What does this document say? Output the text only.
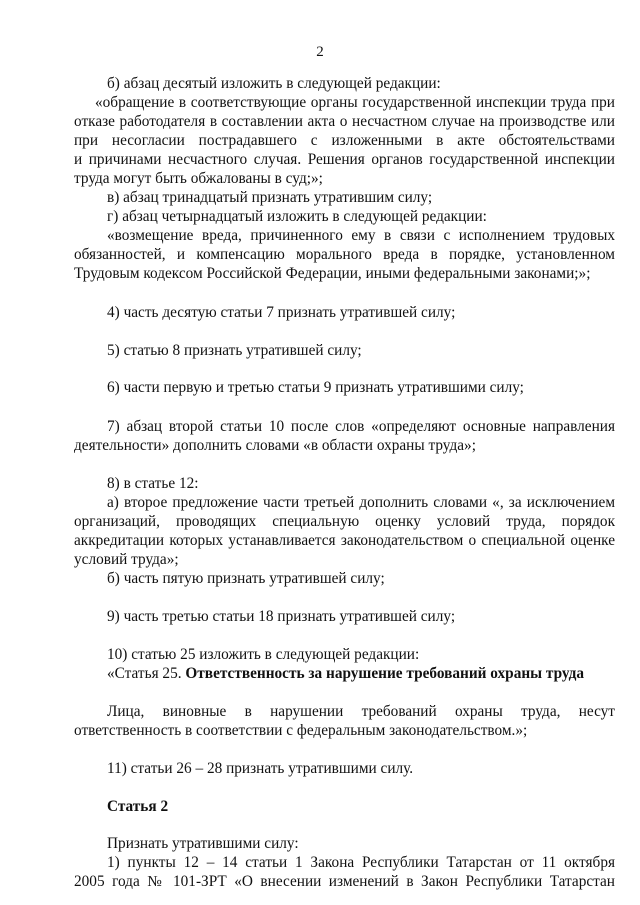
2
б) абзац десятый изложить в следующей редакции:
«обращение в соответствующие органы государственной инспекции труда при
отказе работодателя в составлении акта о несчастном случае на производстве или
при несогласии пострадавшего с изложенными в акте обстоятельствами
и причинами несчастного случая. Решения органов государственной инспекции
труда могут быть обжалованы в суд;»;
в) абзац тринадцатый признать утратившим силу;
г) абзац четырнадцатый изложить в следующей редакции:
«возмещение вреда, причиненного ему в связи с исполнением трудовых
обязанностей, и компенсацию морального вреда в порядке, установленном
Трудовым кодексом Российской Федерации, иными федеральными законами;»;
4) часть десятую статьи 7 признать утратившей силу;
5) статью 8 признать утратившей силу;
6) части первую и третью статьи 9 признать утратившими силу;
7) абзац второй статьи 10 после слов «определяют основные направления
деятельности» дополнить словами «в области охраны труда»;
8) в статье 12:
а) второе предложение части третьей дополнить словами «, за исключением
организаций, проводящих специальную оценку условий труда, порядок
аккредитации которых устанавливается законодательством о специальной оценке
условий труда»;
б) часть пятую признать утратившей силу;
9) часть третью статьи 18 признать утратившей силу;
10) статью 25 изложить в следующей редакции:
«Статья 25. Ответственность за нарушение требований охраны труда
Лица, виновные в нарушении требований охраны труда, несут
ответственность в соответствии с федеральным законодательством.»;
11) статьи 26 – 28 признать утратившими силу.
Статья 2
Признать утратившими силу:
1) пункты 12 – 14 статьи 1 Закона Республики Татарстан от 11 октября
2005 года № 101-ЗРТ «О внесении изменений в Закон Республики Татарстан
